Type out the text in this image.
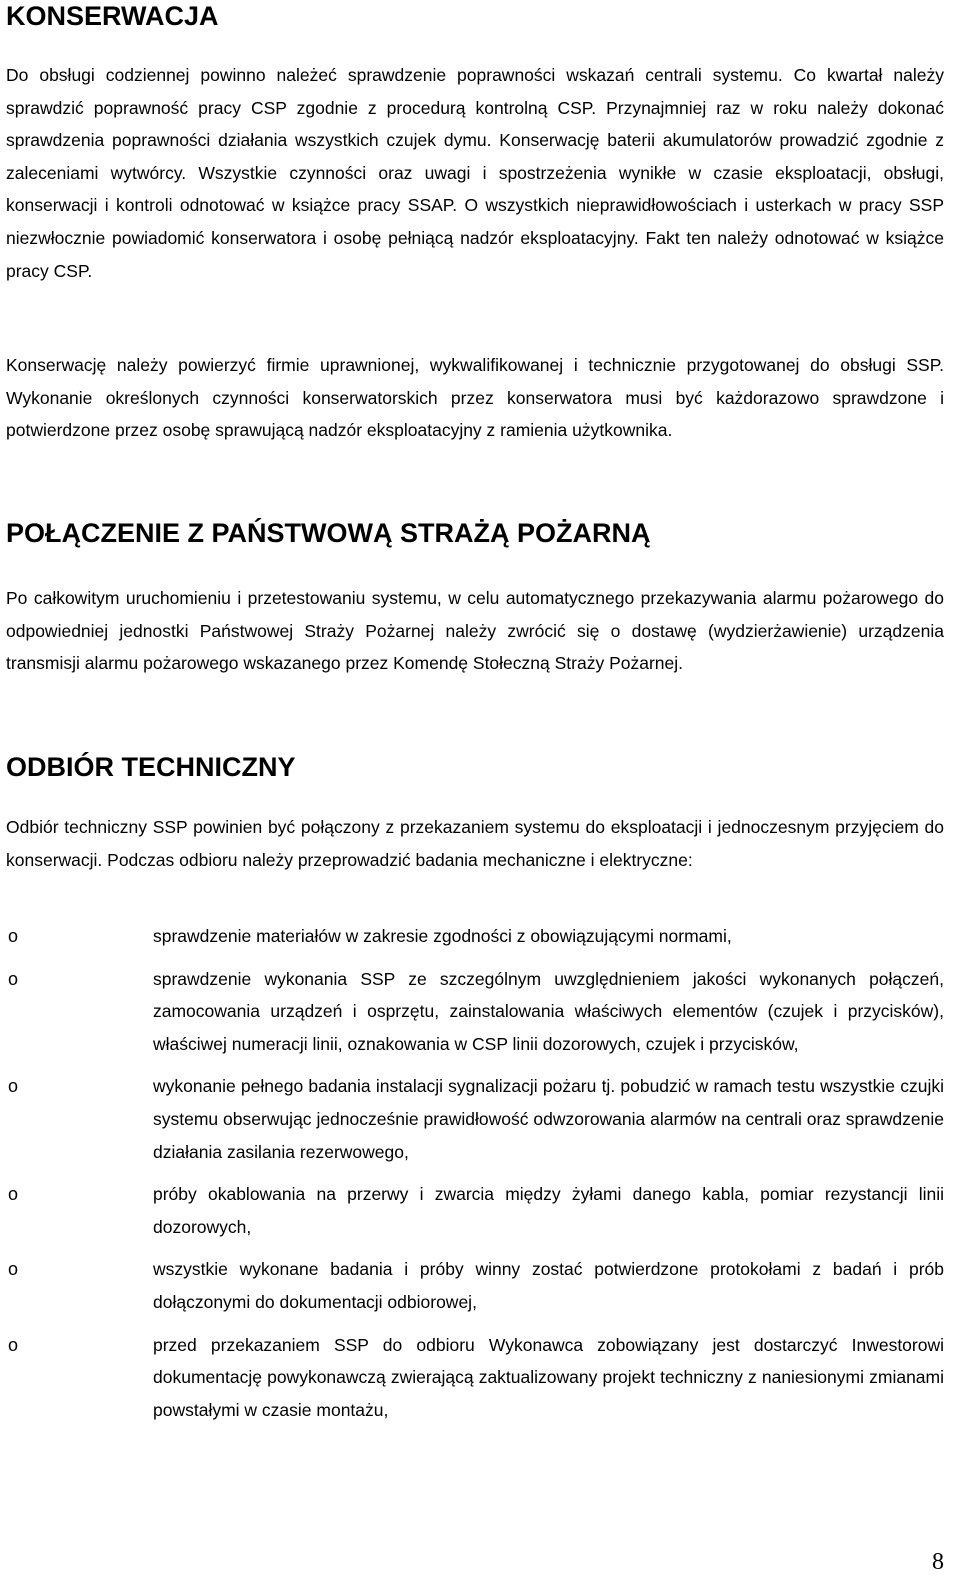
KONSERWACJA

Do obsługi codziennej powinno należeć sprawdzenie poprawności wskazań centrali systemu. Co kwartał należy sprawdzić poprawność pracy CSP zgodnie z procedurą kontrolną CSP. Przynajmniej raz w roku należy dokonać sprawdzenia poprawności działania wszystkich czujek dymu. Konserwację baterii akumulatorów prowadzić zgodnie z zaleceniami wytwórcy. Wszystkie czynności oraz uwagi i spostrzeżenia wynikłe w czasie eksploatacji, obsługi, konserwacji i kontroli odnotować w książce pracy SSAP. O wszystkich nieprawidłowościach i usterkach w pracy SSP niezwłocznie powiadomić konserwatora i osobę pełniącą nadzór eksploatacyjny. Fakt ten należy odnotować w książce pracy CSP.

Konserwację należy powierzyć firmie uprawnionej, wykwalifikowanej i technicznie przygotowanej do obsługi SSP. Wykonanie określonych czynności konserwatorskich przez konserwatora musi być każdorazowo sprawdzone i potwierdzone przez osobę sprawującą nadzór eksploatacyjny z ramienia użytkownika.

POŁĄCZENIE Z PAŃSTWOWĄ STRAŻĄ POŻARNĄ

Po całkowitym uruchomieniu i przetestowaniu systemu, w celu automatycznego przekazywania alarmu pożarowego do odpowiedniej jednostki Państwowej Straży Pożarnej należy zwrócić się o dostawę (wydzierżawienie) urządzenia transmisji alarmu pożarowego wskazanego przez Komendę Stołeczną Straży Pożarnej.

ODBIÓR TECHNICZNY

Odbiór techniczny SSP powinien być połączony z przekazaniem systemu do eksploatacji i jednoczesnym przyjęciem do konserwacji. Podczas odbioru należy przeprowadzić badania mechaniczne i elektryczne:

o	sprawdzenie materiałów w zakresie zgodności z obowiązującymi normami,
o	sprawdzenie wykonania SSP ze szczególnym uwzględnieniem jakości wykonanych połączeń, zamocowania urządzeń i osprzętu, zainstalowania właściwych elementów (czujek i przycisków), właściwej numeracji linii, oznakowania w CSP linii dozorowych, czujek i przycisków,
o	wykonanie pełnego badania instalacji sygnalizacji pożaru tj. pobudzić w ramach testu wszystkie czujki systemu obserwując jednocześnie prawidłowość odwzorowania alarmów na centrali oraz sprawdzenie działania zasilania rezerwowego,
o	próby okablowania na przerwy i zwarcia między żyłami danego kabla, pomiar rezystancji linii dozorowych,
o	wszystkie wykonane badania i próby winny zostać potwierdzone protokołami z badań i prób dołączonymi do dokumentacji odbiorowej,
o	przed przekazaniem SSP do odbioru Wykonawca zobowiązany jest dostarczyć Inwestorowi dokumentację powykonawczą zwierającą zaktualizowany projekt techniczny z naniesionymi zmianami powstałymi w czasie montażu,
8
